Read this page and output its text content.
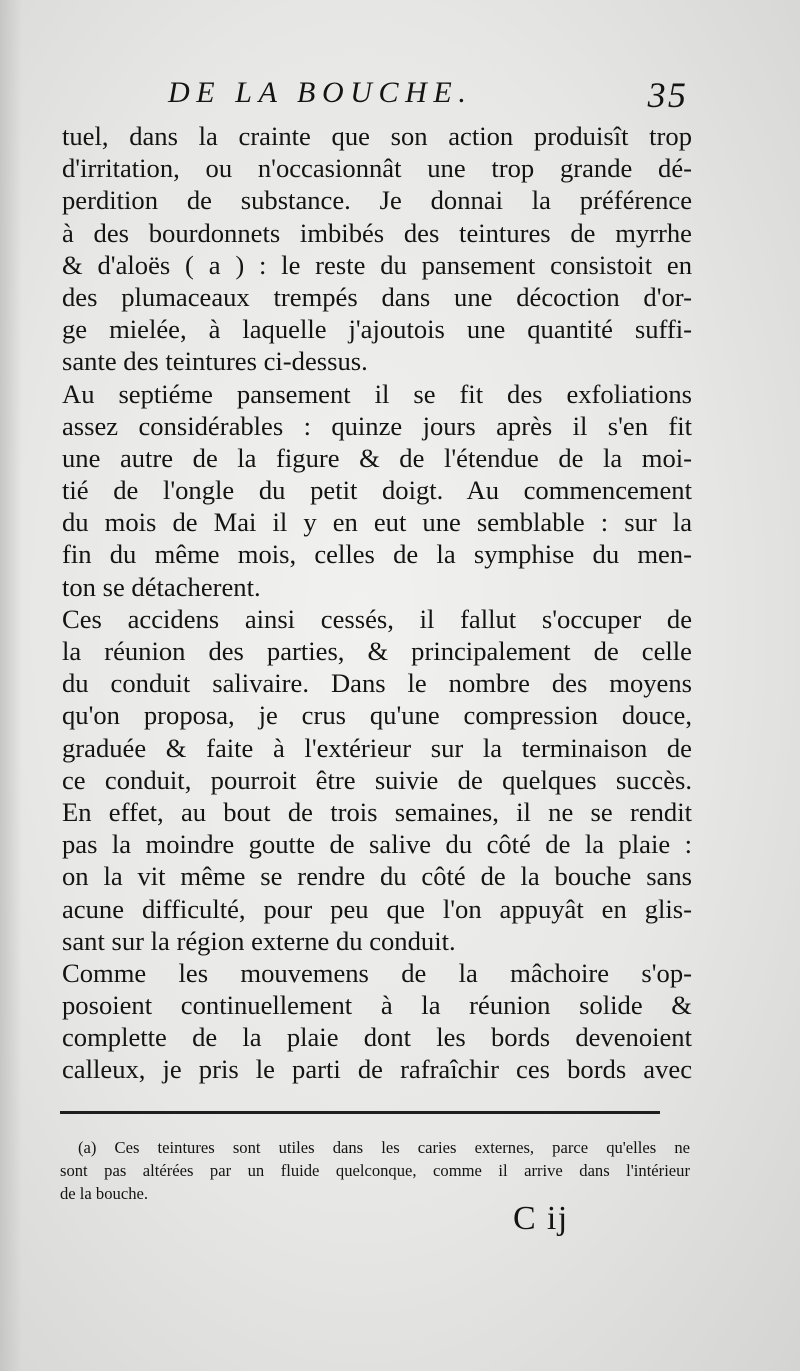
DE LA BOUCHE.	35
tuel, dans la crainte que son action produisît trop
d'irritation, ou n'occasionnât une trop grande dé-
perdition de substance. Je donnai la préférence
à des bourdonnets imbibés des teintures de myrrhe
& d'aloës ( a ) : le reste du pansement consistoit en
des plumaceaux trempés dans une décoction d'or-
ge mielée, à laquelle j'ajoutois une quantité suffi-
sante des teintures ci-dessus.
Au septiéme pansement il se fit des exfoliations
assez considérables : quinze jours après il s'en fit
une autre de la figure & de l'étendue de la moi-
tié de l'ongle du petit doigt. Au commencement
du mois de Mai il y en eut une semblable : sur la
fin du même mois, celles de la symphise du men-
ton se détacherent.
Ces accidens ainsi cessés, il fallut s'occuper de
la réunion des parties, & principalement de celle
du conduit salivaire. Dans le nombre des moyens
qu'on proposa, je crus qu'une compression douce,
graduée & faite à l'extérieur sur la terminaison de
ce conduit, pourroit être suivie de quelques succès.
En effet, au bout de trois semaines, il ne se rendit
pas la moindre goutte de salive du côté de la plaie :
on la vit même se rendre du côté de la bouche sans
acune difficulté, pour peu que l'on appuyât en glis-
sant sur la région externe du conduit.
Comme les mouvemens de la mâchoire s'op-
posoient continuellement à la réunion solide &
complette de la plaie dont les bords devenoient
calleux, je pris le parti de rafraîchir ces bords avec
(a) Ces teintures sont utiles dans les caries externes, parce qu'elles ne
sont pas altérées par un fluide quelconque, comme il arrive dans l'intérieur
de la bouche.
C ij
